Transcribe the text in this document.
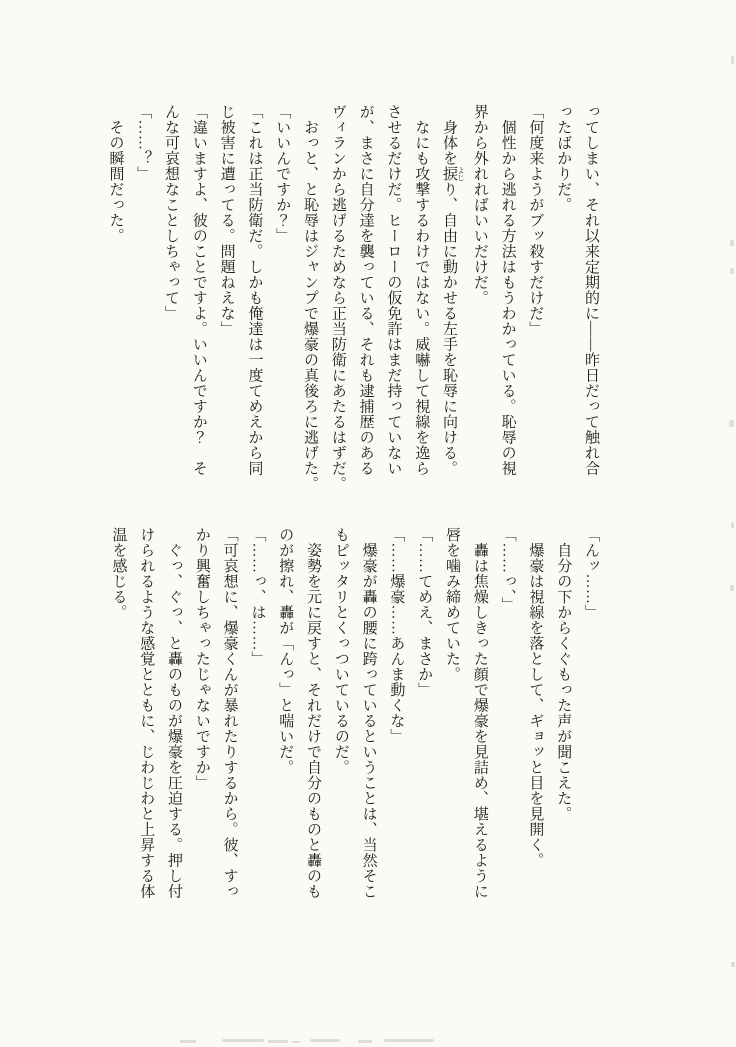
ってしまい、それ以来定期的に――昨日だって触れ合
ったばかりだ。
「何度来ようがブッ殺すだけだ」
　個性から逃れる方法はもうわかっている。恥辱の視
界から外れればいいだけだ。
　身体を捩 よじり、自由に動かせる左手を恥辱に向ける。
　なにも攻撃するわけではない。威嚇して視線を逸ら
させるだけだ。ヒーローの仮免許はまだ持っていない
が、まさに自分達を襲っている、それも逮捕歴のある
ヴィランから逃げるためなら正当防衛にあたるはずだ。
　おっと、と恥辱はジャンプで爆豪の真後ろに逃げた。
「いいんですか？」
「これは正当防衛だ。しかも俺達は一度てめえから同
じ被害に遭ってる。問題ねえな」
「違いますよ、彼のことですよ。いいんですか？　そ
んな可哀想なことしちゃって」
「……？」
　その瞬間だった。
「んッ……」
　自分の下からくぐもった声が聞こえた。
　爆豪は視線を落として、ギョッと目を見開く。
「……っ、」
　轟は焦燥しきった顔で爆豪を見詰め、堪えるように
唇を噛み締めていた。
「……てめえ、まさか」
「……爆豪……あんま動くな」
　爆豪が轟の腰に跨っているということは、当然そこ
もピッタリとくっついているのだ。
　姿勢を元に戻すと、それだけで自分のものと轟のも
のが擦れ、轟が「んっ」と喘いだ。
「……っ、は……」
「可哀想に、爆豪くんが暴れたりするから。彼、すっ
かり興奮しちゃったじゃないですか」
　ぐっ、ぐっ、と轟のものが爆豪を圧迫する。押し付
けられるような感覚とともに、じわじわと上昇する体
温を感じる。
